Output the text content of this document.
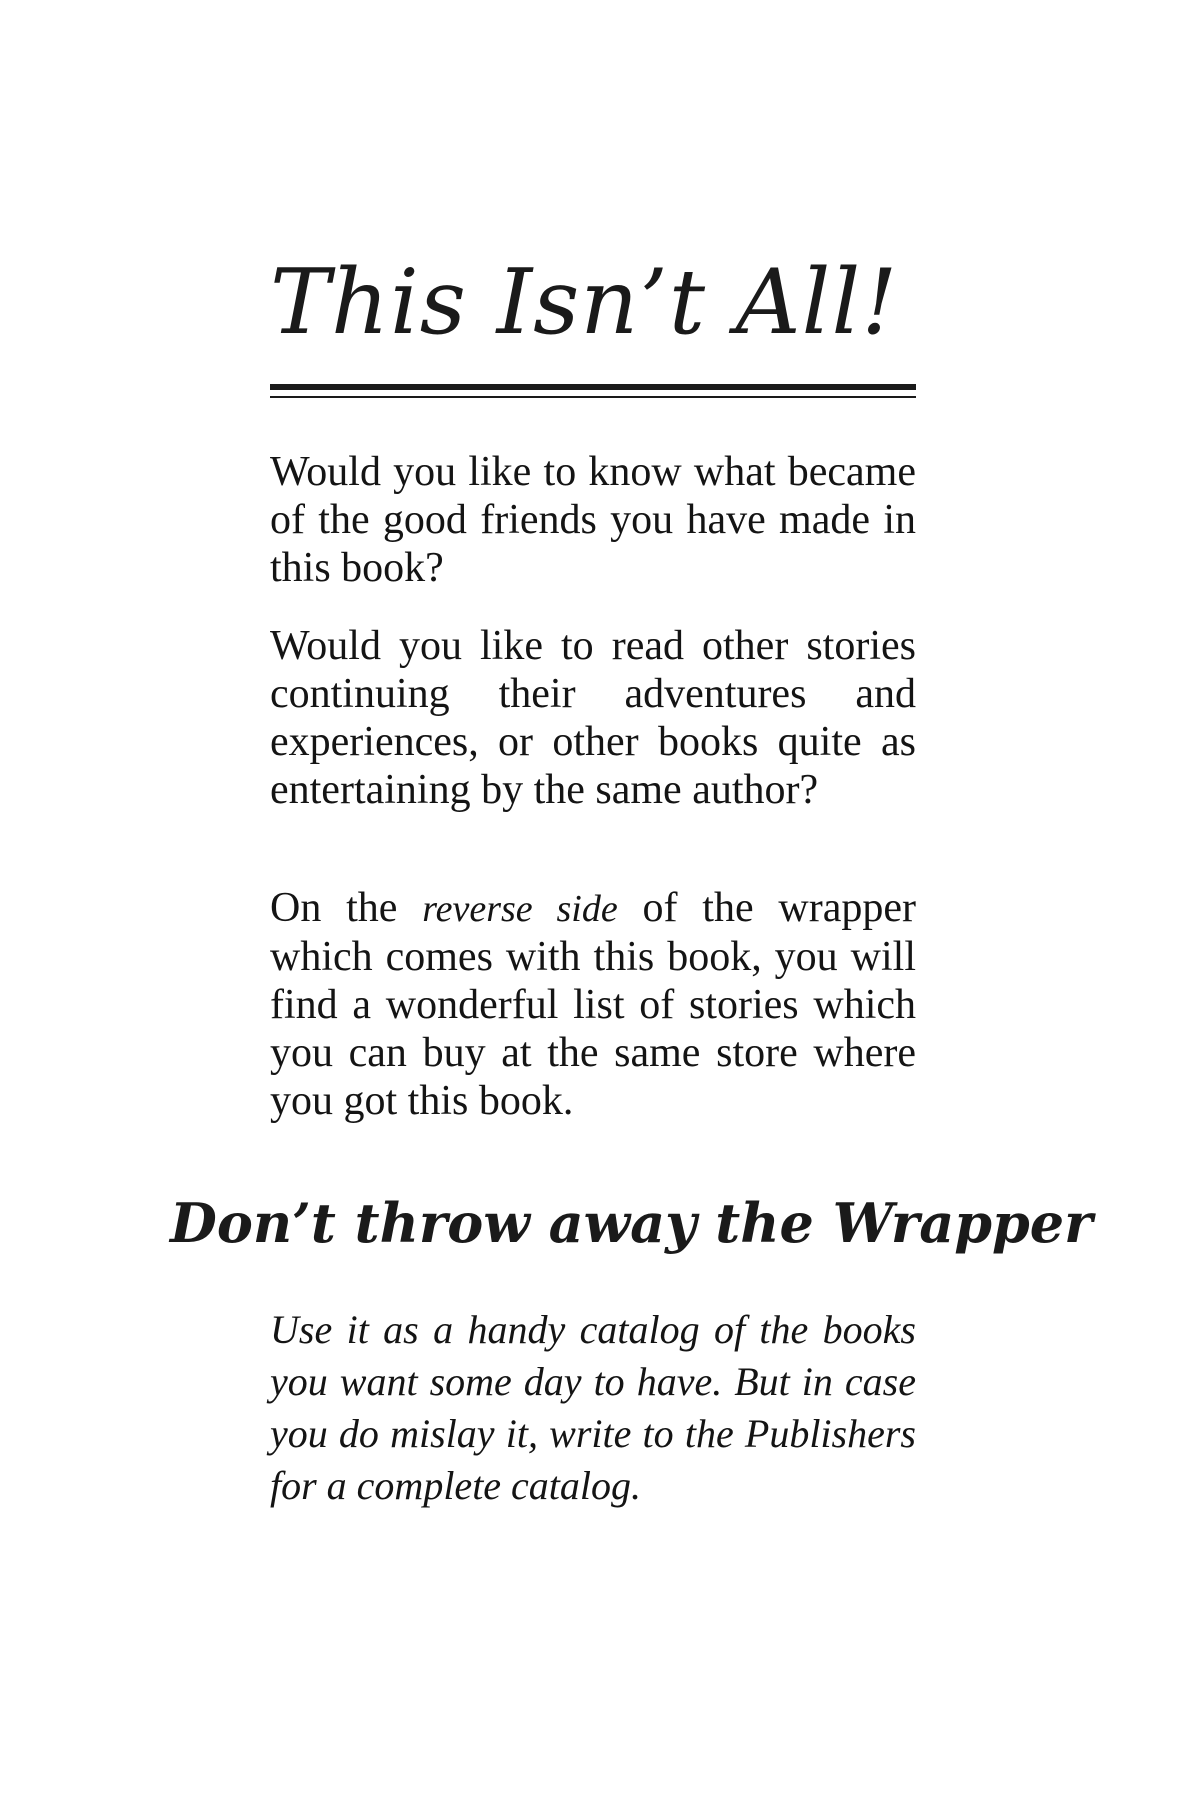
This Isn’t All!

Would you like to know what became of the good friends you have made in this book?

Would you like to read other stories continuing their adventures and experiences, or other books quite as entertaining by the same author?

On the reverse side of the wrapper which comes with this book, you will find a wonderful list of stories which you can buy at the same store where you got this book.

Don’t throw away the Wrapper

Use it as a handy catalog of the books you want some day to have. But in case you do mislay it, write to the Publishers for a complete catalog.
